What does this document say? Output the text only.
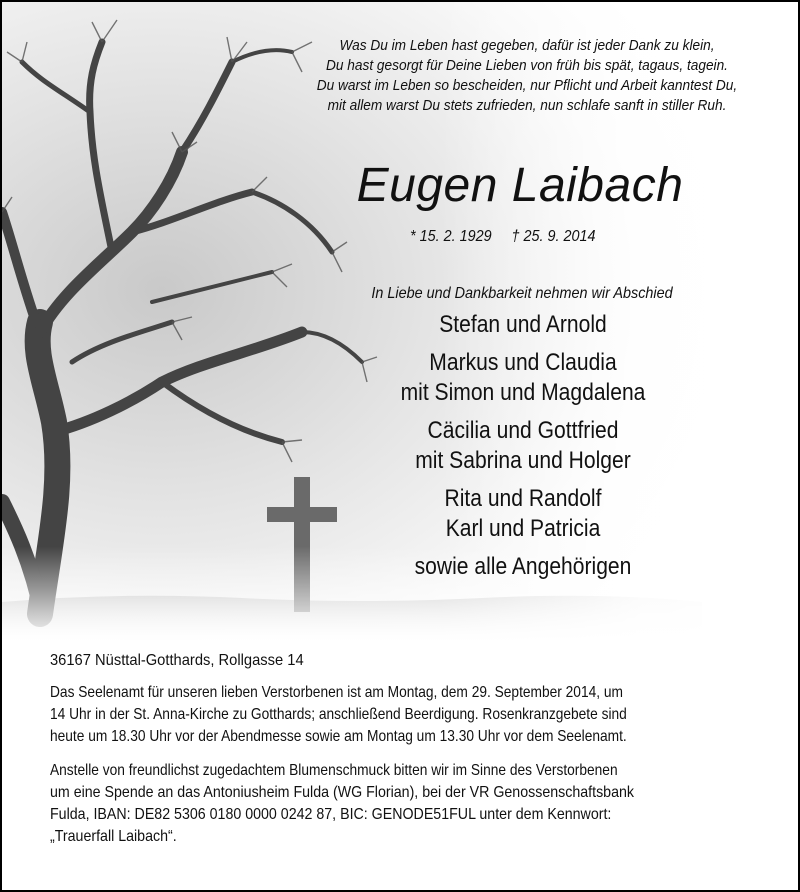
Was Du im Leben hast gegeben, dafür ist jeder Dank zu klein,
Du hast gesorgt für Deine Lieben von früh bis spät, tagaus, tagein.
Du warst im Leben so bescheiden, nur Pflicht und Arbeit kanntest Du,
mit allem warst Du stets zufrieden, nun schlafe sanft in stiller Ruh.
Eugen Laibach
* 15. 2. 1929 † 25. 9. 2014
In Liebe und Dankbarkeit nehmen wir Abschied
Stefan und Arnold
Markus und Claudia
mit Simon und Magdalena
Cäcilia und Gottfried
mit Sabrina und Holger
Rita und Randolf
Karl und Patricia
sowie alle Angehörigen
36167 Nüsttal-Gotthards, Rollgasse 14
Das Seelenamt für unseren lieben Verstorbenen ist am Montag, dem 29. September 2014, um
14 Uhr in der St. Anna-Kirche zu Gotthards; anschließend Beerdigung. Rosenkranzgebete sind
heute um 18.30 Uhr vor der Abendmesse sowie am Montag um 13.30 Uhr vor dem Seelenamt.
Anstelle von freundlichst zugedachtem Blumenschmuck bitten wir im Sinne des Verstorbenen
um eine Spende an das Antoniusheim Fulda (WG Florian), bei der VR Genossenschaftsbank
Fulda, IBAN: DE82 5306 0180 0000 0242 87, BIC: GENODE51FUL unter dem Kennwort:
„Trauerfall Laibach“.
